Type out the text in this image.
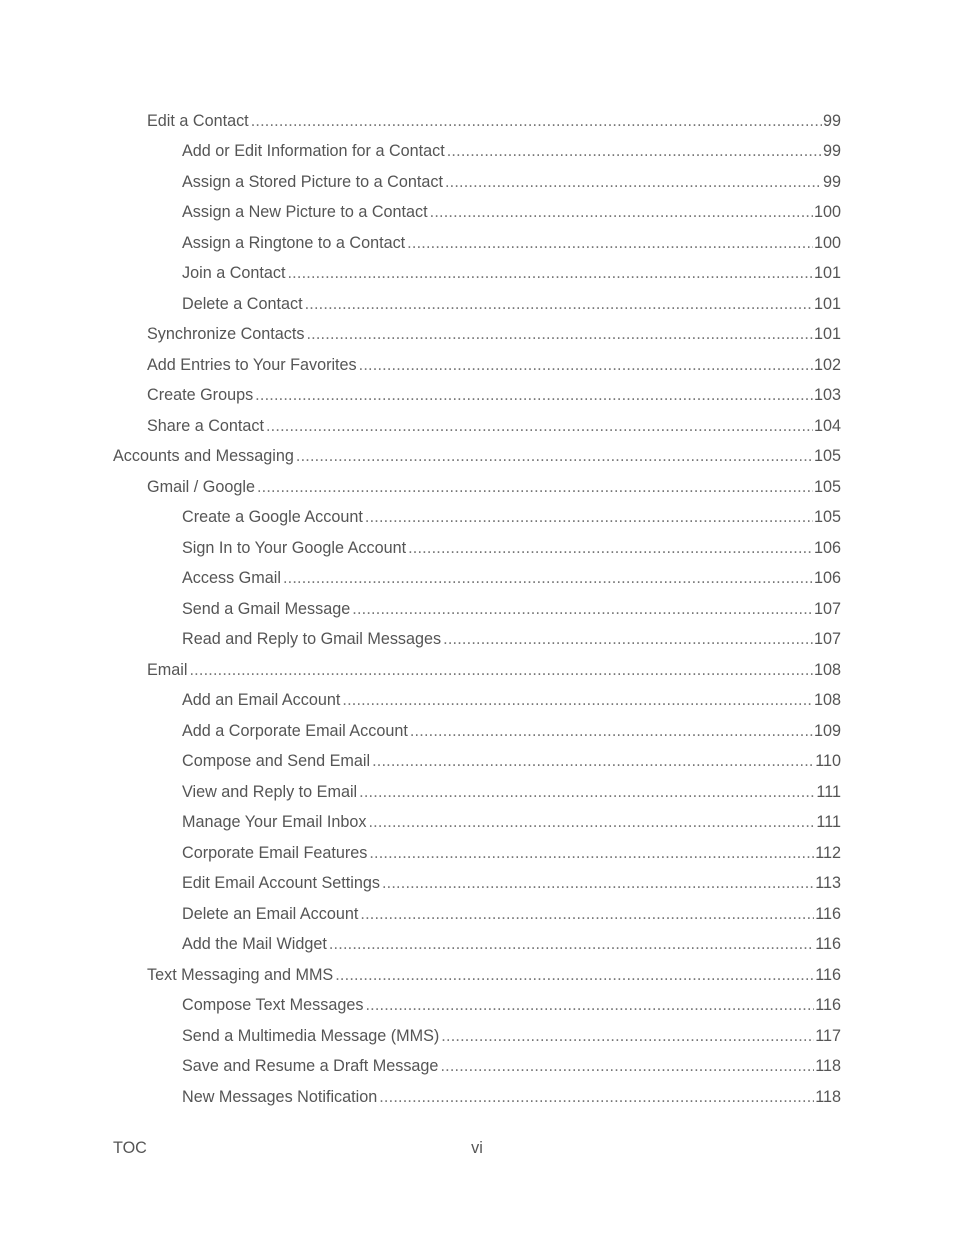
Edit a Contact .....	99
Add or Edit Information for a Contact .....	99
Assign a Stored Picture to a Contact .....	99
Assign a New Picture to a Contact .....	100
Assign a Ringtone to a Contact .....	100
Join a Contact .....	101
Delete a Contact .....	101
Synchronize Contacts .....	101
Add Entries to Your Favorites .....	102
Create Groups .....	103
Share a Contact .....	104
Accounts and Messaging .....	105
Gmail / Google .....	105
Create a Google Account .....	105
Sign In to Your Google Account .....	106
Access Gmail .....	106
Send a Gmail Message .....	107
Read and Reply to Gmail Messages .....	107
Email .....	108
Add an Email Account .....	108
Add a Corporate Email Account .....	109
Compose and Send Email .....	110
View and Reply to Email .....	111
Manage Your Email Inbox .....	111
Corporate Email Features .....	112
Edit Email Account Settings .....	113
Delete an Email Account .....	116
Add the Mail Widget .....	116
Text Messaging and MMS .....	116
Compose Text Messages .....	116
Send a Multimedia Message (MMS) .....	117
Save and Resume a Draft Message .....	118
New Messages Notification .....	118
TOC	vi
